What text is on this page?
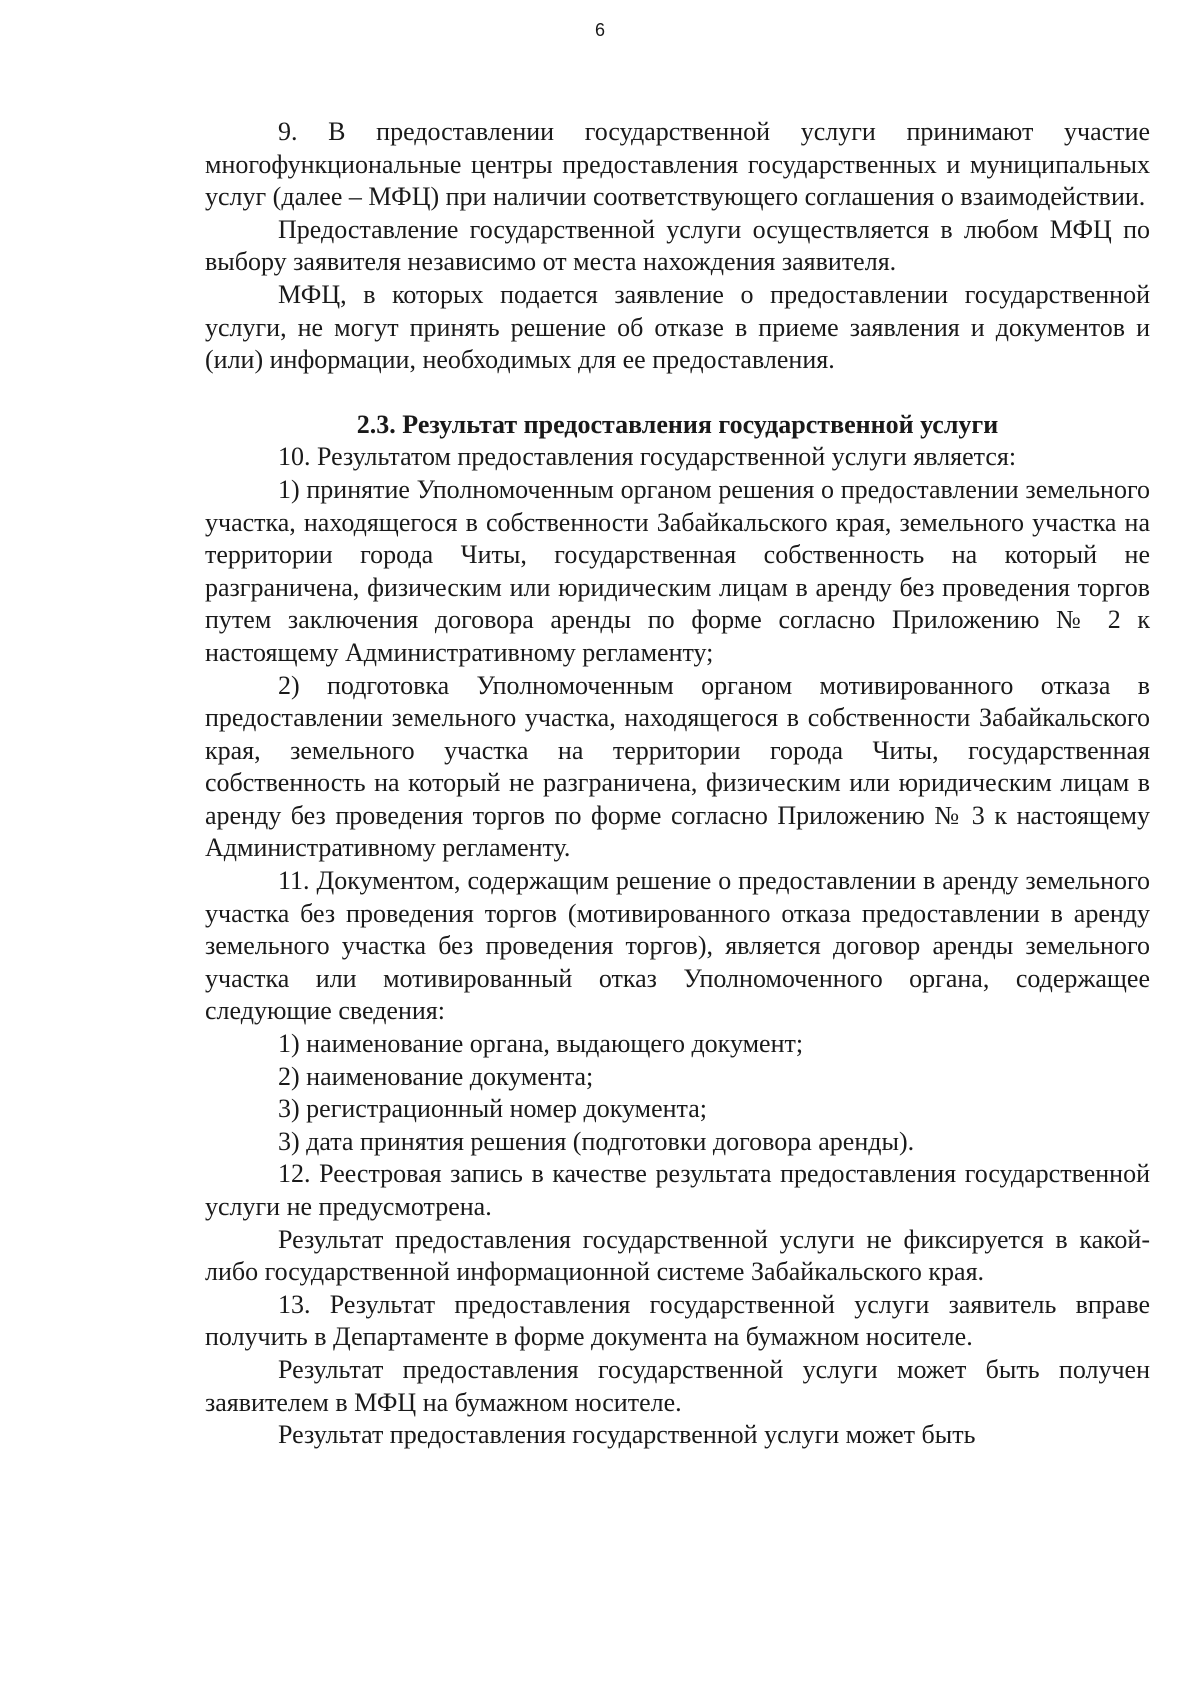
6

9. В предоставлении государственной услуги принимают участие многофункциональные центры предоставления государственных и муниципальных услуг (далее – МФЦ) при наличии соответствующего соглашения о взаимодействии.

Предоставление государственной услуги осуществляется в любом МФЦ по выбору заявителя независимо от места нахождения заявителя.

МФЦ, в которых подается заявление о предоставлении государственной услуги, не могут принять решение об отказе в приеме заявления и документов и (или) информации, необходимых для ее предоставления.

2.3. Результат предоставления государственной услуги

10. Результатом предоставления государственной услуги является:

1) принятие Уполномоченным органом решения о предоставлении земельного участка, находящегося в собственности Забайкальского края, земельного участка на территории города Читы, государственная собственность на который не разграничена, физическим или юридическим лицам в аренду без проведения торгов путем заключения договора аренды по форме согласно Приложению № 2 к настоящему Административному регламенту;

2) подготовка Уполномоченным органом мотивированного отказа в предоставлении земельного участка, находящегося в собственности Забайкальского края, земельного участка на территории города Читы, государственная собственность на который не разграничена, физическим или юридическим лицам в аренду без проведения торгов по форме согласно Приложению № 3 к настоящему Административному регламенту.

11. Документом, содержащим решение о предоставлении в аренду земельного участка без проведения торгов (мотивированного отказа предоставлении в аренду земельного участка без проведения торгов), является договор аренды земельного участка или мотивированный отказ Уполномоченного органа, содержащее следующие сведения:

1) наименование органа, выдающего документ;

2) наименование документа;

3) регистрационный номер документа;

3) дата принятия решения (подготовки договора аренды).

12. Реестровая запись в качестве результата предоставления государственной услуги не предусмотрена.

Результат предоставления государственной услуги не фиксируется в какой-либо государственной информационной системе Забайкальского края.

13. Результат предоставления государственной услуги заявитель вправе получить в Департаменте в форме документа на бумажном носителе.

Результат предоставления государственной услуги может быть получен заявителем в МФЦ на бумажном носителе.

Результат предоставления государственной услуги может быть
